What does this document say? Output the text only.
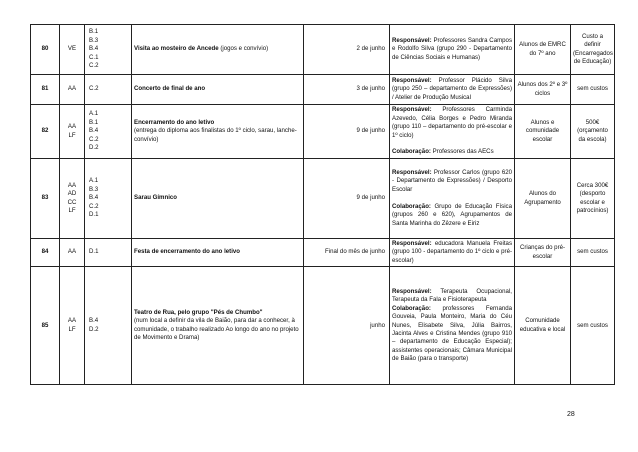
80	VE	B.1
B.3
B.4
C.1
C.2	Visita ao mosteiro de Ancede (jogos e convívio)	2 de junho	Responsável: Professores Sandra Campos e Rodolfo Silva (grupo 290 - Departamento de Ciências Sociais e Humanas)	Alunos de EMRC do 7º ano	Custo a definir (Encarregados de Educação)
81	AA	C.2	Concerto de final de ano	3 de junho	Responsável: Professor Plácido Silva (grupo 250 – departamento de Expressões) / Atelier de Produção Musical	Alunos dos 2º e 3º ciclos	sem custos
82	AA
LF	A.1
B.1
B.4
C.2
D.2	Encerramento do ano letivo
(entrega do diploma aos finalistas do 1º ciclo, sarau, lanche-convívio)	9 de junho	Responsável: Professores Carminda Azevedo, Célia Borges e Pedro Miranda (grupo 110 – departamento do pré-escolar e 1º ciclo)

Colaboração: Professores das AECs	Alunos e comunidade escolar	500€ (orçamento da escola)
83	AA
AD
CC
LF	A.1
B.3
B.4
C.2
D.1	Sarau Gímnico	9 de junho	Responsável: Professor Carlos (grupo 620 - Departamento de Expressões) / Desporto Escolar

Colaboração: Grupo de Educação Física (grupos 260 e 620), Agrupamentos de Santa Marinha do Zêzere e Eiriz	Alunos do Agrupamento	Cerca 300€ (desporto escolar e patrocínios)
84	AA	D.1	Festa de encerramento do ano letivo	Final do mês de junho	Responsável: educadora Manuela Freitas (grupo 100 - departamento do 1º ciclo e pré-escolar)	Crianças do pré-escolar	sem custos
85	AA
LF	B.4
D.2	Teatro de Rua, pelo grupo "Pés de Chumbo"
(num local a definir da vila de Baião, para dar a conhecer, à comunidade, o trabalho realizado Ao longo do ano no projeto de Movimento e Drama)	junho	Responsável: Terapeuta Ocupacional, Terapeuta da Fala e Fisioterapeuta
Colaboração: professores Fernanda Gouveia, Paula Monteiro, Maria do Céu Nunes, Elisabete Silva, Júlia Bairros, Jacinta Alves e Cristina Mendes (grupo 910 – departamento de Educação Especial); assistentes operacionais; Câmara Municipal de Baião (para o transporte)	Comunidade educativa e local	sem custos
28
